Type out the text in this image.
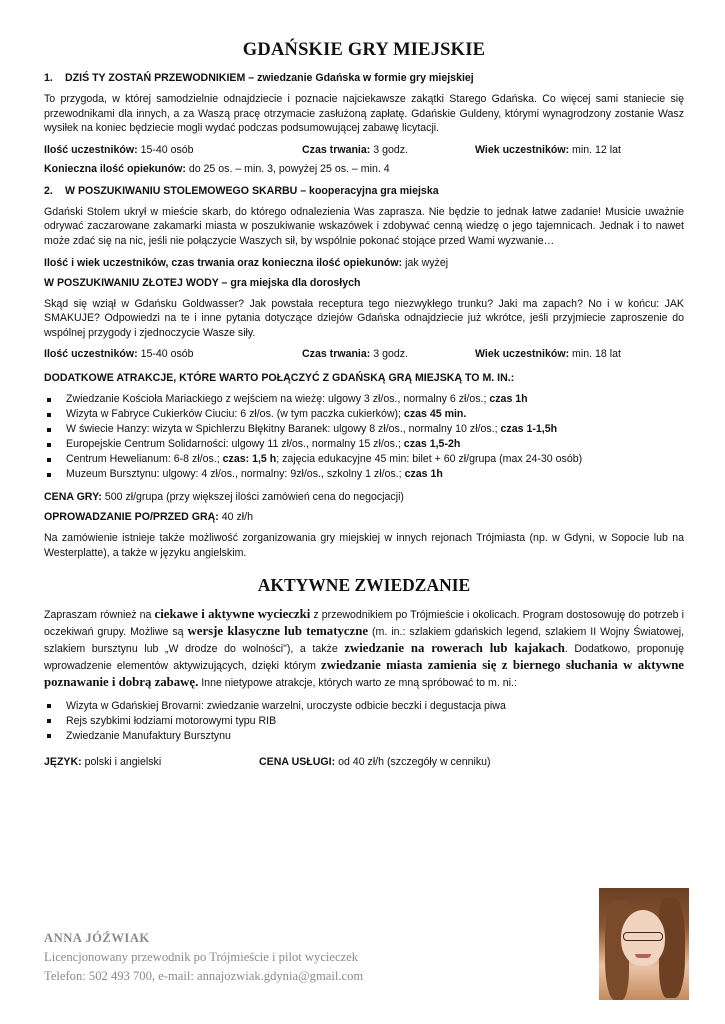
GDAŃSKIE GRY MIEJSKIE
1. DZIŚ TY ZOSTAŃ PRZEWODNIKIEM – zwiedzanie Gdańska w formie gry miejskiej

To przygoda, w której samodzielnie odnajdziecie i poznacie najciekawsze zakątki Starego Gdańska. Co więcej sami staniecie się przewodnikami dla innych, a za Waszą pracę otrzymacie zasłużoną zapłatę. Gdańskie Guldeny, którymi wynagrodzony zostanie Wasz wysiłek na koniec będziecie mogli wydać podczas podsumowującej zabawę licytacji.

Ilość uczestników: 15-40 osób	Czas trwania: 3 godz.	Wiek uczestników: min. 12 lat
Konieczna ilość opiekunów: do 25 os. – min. 3, powyżej 25 os. – min. 4
2. W POSZUKIWANIU STOLEMOWEGO SKARBU – kooperacyjna gra miejska

Gdański Stolem ukrył w mieście skarb, do którego odnalezienia Was zaprasza. Nie będzie to jednak łatwe zadanie! Musicie uważnie odrywać zaczarowane zakamarki miasta w poszukiwanie wskazówek i zdobywać cenną wiedzę o jego tajemnicach. Jednak i to nawet może zdać się na nic, jeśli nie połączycie Waszych sił, by wspólnie pokonać stojące przed Wami wyzwanie…

Ilość i wiek uczestników, czas trwania oraz konieczna ilość opiekunów: jak wyżej
W POSZUKIWANIU ZŁOTEJ WODY – gra miejska dla dorosłych

Skąd się wziął w Gdańsku Goldwasser? Jak powstała receptura tego niezwykłego trunku? Jaki ma zapach? No i w końcu: JAK SMAKUJE? Odpowiedzi na te i inne pytania dotyczące dziejów Gdańska odnajdziecie już wkrótce, jeśli przyjmiecie zaproszenie do wspólnej przygody i zjednoczycie Wasze siły.

Ilość uczestników: 15-40 osób	Czas trwania: 3 godz.	Wiek uczestników: min. 18 lat
DODATKOWE ATRAKCJE, KTÓRE WARTO POŁĄCZYĆ Z GDAŃSKĄ GRĄ MIEJSKĄ TO M. IN.:
Zwiedzanie Kościoła Mariackiego z wejściem na wieżę: ulgowy 3 zł/os., normalny 6 zł/os.; czas 1h
Wizyta w Fabryce Cukierków Ciuciu: 6 zł/os. (w tym paczka cukierków); czas 45 min.
W świecie Hanzy: wizyta w Spichlerzu Błękitny Baranek: ulgowy 8 zł/os., normalny 10 zł/os.; czas 1-1,5h
Europejskie Centrum Solidarności: ulgowy 11 zł/os., normalny 15 zł/os.; czas 1,5-2h
Centrum Hewelianum: 6-8 zł/os.; czas: 1,5 h; zajęcia edukacyjne 45 min: bilet + 60 zł/grupa (max 24-30 osób)
Muzeum Bursztynu: ulgowy: 4 zł/os., normalny: 9zł/os., szkolny 1 zł/os.; czas 1h
CENA GRY: 500 zł/grupa (przy większej ilości zamówień cena do negocjacji)
OPROWADZANIE PO/PRZED GRĄ: 40 zł/h

Na zamówienie istnieje także możliwość zorganizowania gry miejskiej w innych rejonach Trójmiasta (np. w Gdyni, w Sopocie lub na Westerplatte), a także w języku angielskim.

AKTYWNE ZWIEDZANIE

Zapraszam również na ciekawe i aktywne wycieczki z przewodnikiem po Trójmieście i okolicach. Program dostosowuję do potrzeb i oczekiwań grupy. Możliwe są wersje klasyczne lub tematyczne (m. in.: szlakiem gdańskich legend, szlakiem II Wojny Światowej, szlakiem bursztynu lub „W drodze do wolności"), a także zwiedzanie na rowerach lub kajakach. Dodatkowo, proponuję wprowadzenie elementów aktywizujących, dzięki którym zwiedzanie miasta zamienia się z biernego słuchania w aktywne poznawanie i dobrą zabawę. Inne nietypowe atrakcje, których warto ze mną spróbować to m. ni.:

Wizyta w Gdańskiej Brovarni: zwiedzanie warzelni, uroczyste odbicie beczki i degustacja piwa
Rejs szybkimi łodziami motorowymi typu RIB
Zwiedzanie Manufaktury Bursztynu
JĘZYK: polski i angielski	CENA USŁUGI: od 40 zł/h (szczegóły w cenniku)
ANNA JÓŹWIAK
Licencjonowany przewodnik po Trójmieście i pilot wycieczek
Telefon: 502 493 700, e-mail: annajozwiak.gdynia@gmail.com
